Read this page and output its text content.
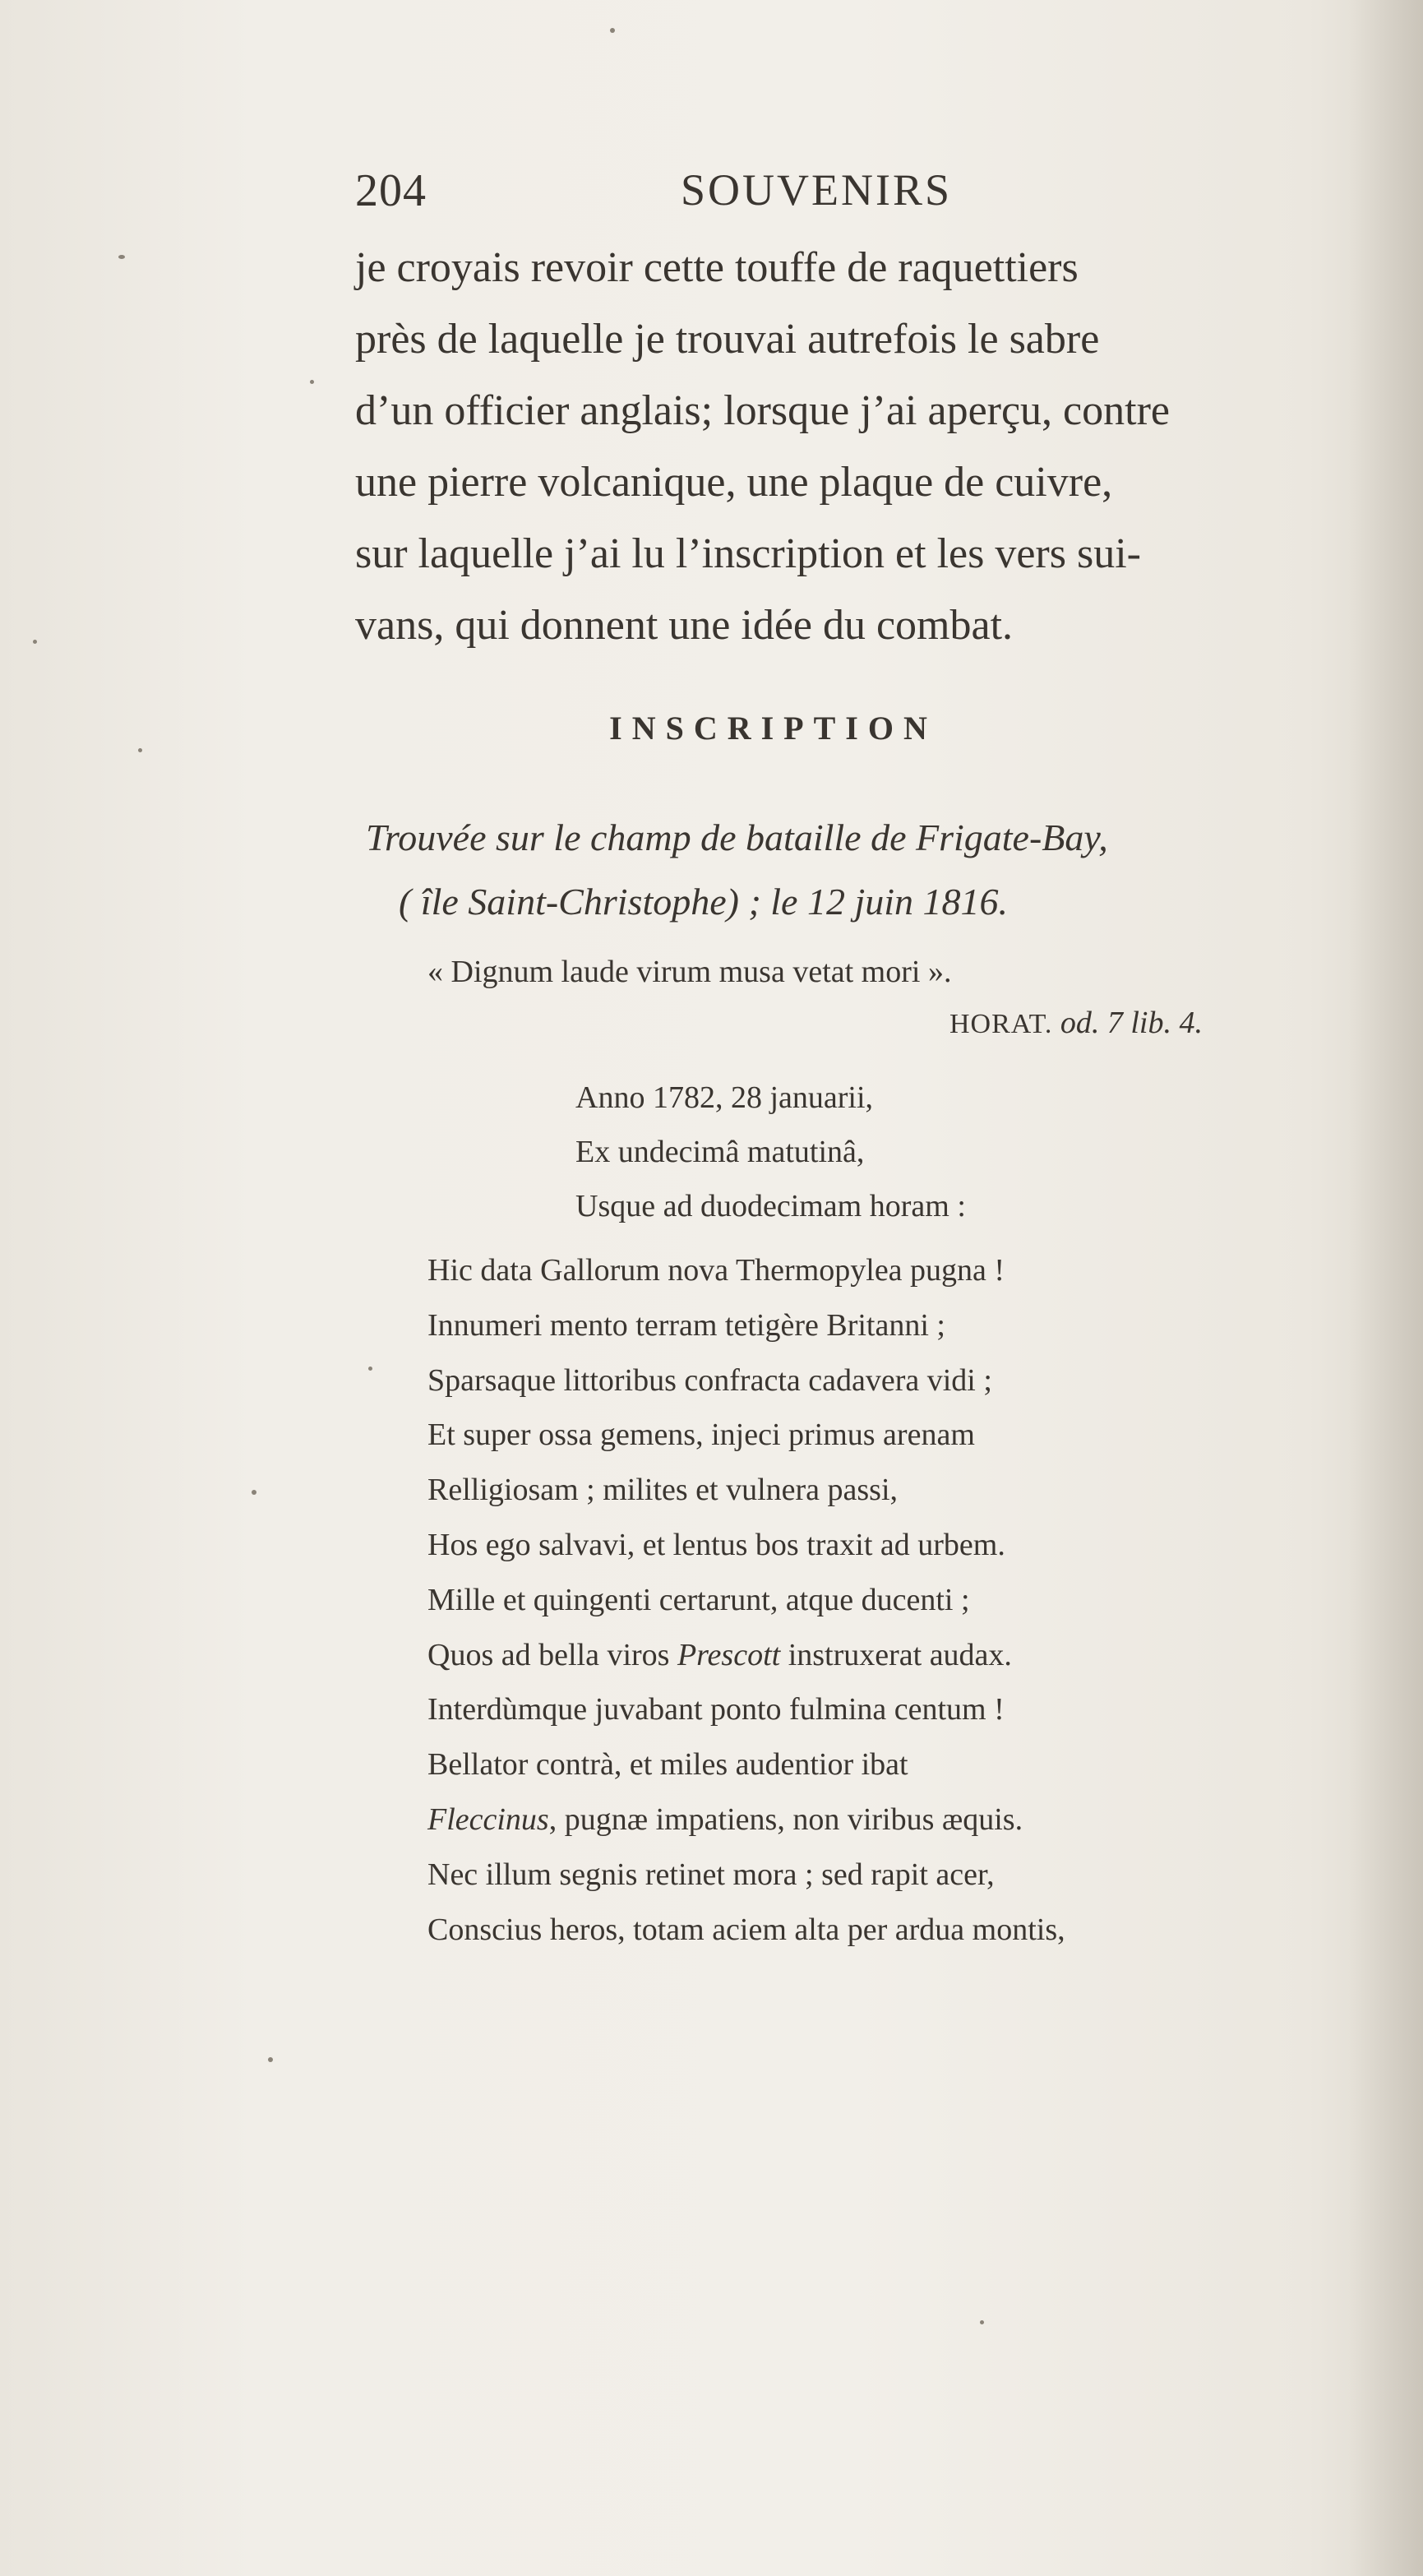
204	SOUVENIRS
je croyais revoir cette touffe de raquettiers
près de laquelle je trouvai autrefois le sabre
d’un officier anglais; lorsque j’ai aperçu, contre
une pierre volcanique, une plaque de cuivre,
sur laquelle j’ai lu l’inscription et les vers sui-
vans, qui donnent une idée du combat.
INSCRIPTION
Trouvée sur le champ de bataille de Frigate-Bay,
( île Saint-Christophe) ; le 12 juin 1816.
« Dignum laude virum musa vetat mori ».
HORAT. od. 7 lib. 4.
Anno 1782, 28 januarii,
Ex undecimâ matutinâ,
Usque ad duodecimam horam :
Hic data Gallorum nova Thermopylea pugna !
Innumeri mento terram tetigère Britanni ;
Sparsaque littoribus confracta cadavera vidi ;
Et super ossa gemens, injeci primus arenam
Relligiosam ; milites et vulnera passi,
Hos ego salvavi, et lentus bos traxit ad urbem.
Mille et quingenti certarunt, atque ducenti ;
Quos ad bella viros Prescott instruxerat audax.
Interdùmque juvabant ponto fulmina centum !
Bellator contrà, et miles audentior ibat
Fleccinus, pugnæ impatiens, non viribus æquis.
Nec illum segnis retinet mora ; sed rapit acer,
Conscius heros, totam aciem alta per ardua montis,
